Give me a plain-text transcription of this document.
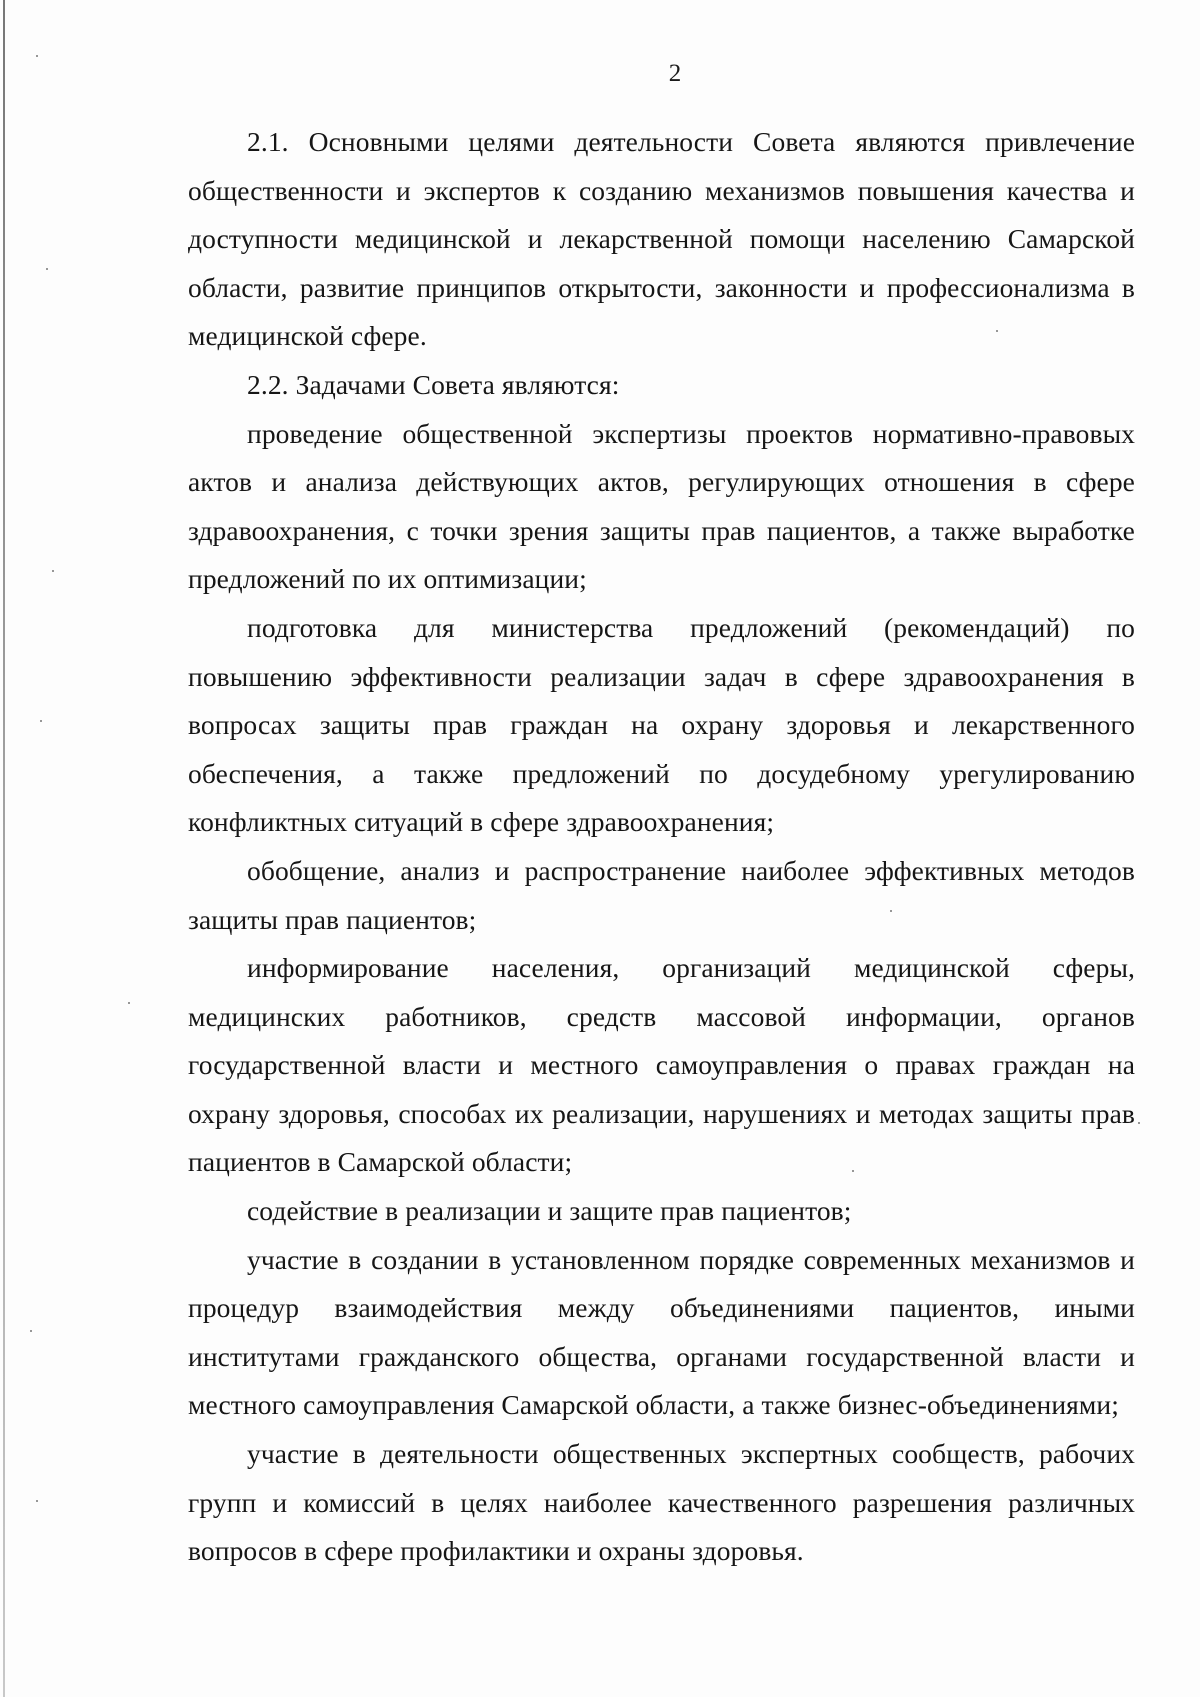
2

2.1. Основными целями деятельности Совета являются привлечение общественности и экспертов к созданию механизмов повышения качества и доступности медицинской и лекарственной помощи населению Самарской области, развитие принципов открытости, законности и профессионализма в медицинской сфере.

2.2. Задачами Совета являются:

проведение общественной экспертизы проектов нормативно-правовых актов и анализа действующих актов, регулирующих отношения в сфере здравоохранения, с точки зрения защиты прав пациентов, а также выработке предложений по их оптимизации;

подготовка для министерства предложений (рекомендаций) по повышению эффективности реализации задач в сфере здравоохранения в вопросах защиты прав граждан на охрану здоровья и лекарственного обеспечения, а также предложений по досудебному урегулированию конфликтных ситуаций в сфере здравоохранения;

обобщение, анализ и распространение наиболее эффективных методов защиты прав пациентов;

информирование населения, организаций медицинской сферы, медицинских работников, средств массовой информации, органов государственной власти и местного самоуправления о правах граждан на охрану здоровья, способах их реализации, нарушениях и методах защиты прав пациентов в Самарской области;

содействие в реализации и защите прав пациентов;

участие в создании в установленном порядке современных механизмов и процедур взаимодействия между объединениями пациентов, иными институтами гражданского общества, органами государственной власти и местного самоуправления Самарской области, а также бизнес-объединениями;

участие в деятельности общественных экспертных сообществ, рабочих групп и комиссий в целях наиболее качественного разрешения различных вопросов в сфере профилактики и охраны здоровья.
